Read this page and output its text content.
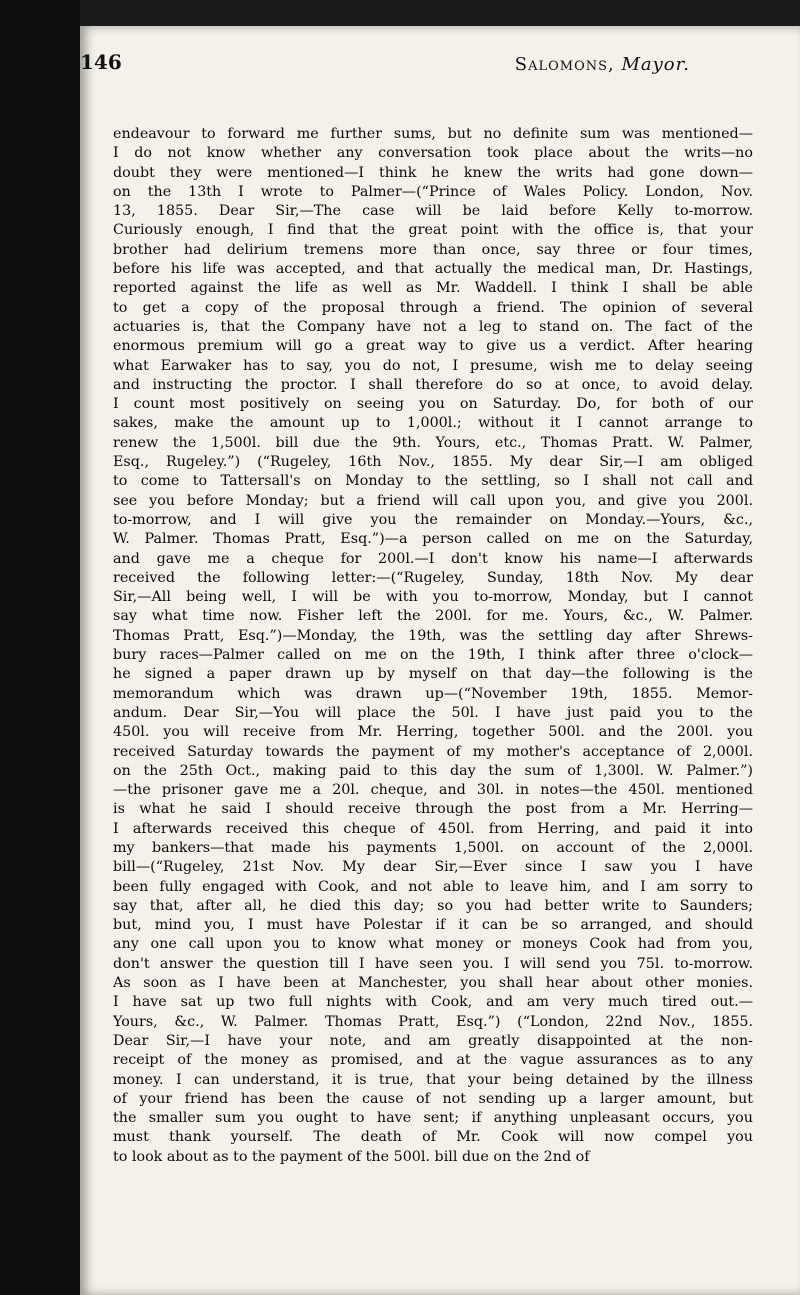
146	Salomons, Mayor.
endeavour to forward me further sums, but no definite sum was mentioned—
I do not know whether any conversation took place about the writs—no
doubt they were mentioned—I think he knew the writs had gone down—
on the 13th I wrote to Palmer—(“Prince of Wales Policy. London, Nov.
13, 1855. Dear Sir,—The case will be laid before Kelly to-morrow.
Curiously enough, I find that the great point with the office is, that your
brother had delirium tremens more than once, say three or four times,
before his life was accepted, and that actually the medical man, Dr. Hastings,
reported against the life as well as Mr. Waddell. I think I shall be able
to get a copy of the proposal through a friend. The opinion of several
actuaries is, that the Company have not a leg to stand on. The fact of the
enormous premium will go a great way to give us a verdict. After hearing
what Earwaker has to say, you do not, I presume, wish me to delay seeing
and instructing the proctor. I shall therefore do so at once, to avoid delay.
I count most positively on seeing you on Saturday. Do, for both of our
sakes, make the amount up to 1,000l.; without it I cannot arrange to
renew the 1,500l. bill due the 9th. Yours, etc., Thomas Pratt. W. Palmer,
Esq., Rugeley.”) (“Rugeley, 16th Nov., 1855. My dear Sir,—I am obliged
to come to Tattersall's on Monday to the settling, so I shall not call and
see you before Monday; but a friend will call upon you, and give you 200l.
to-morrow, and I will give you the remainder on Monday.—Yours, &c.,
W. Palmer. Thomas Pratt, Esq.”)—a person called on me on the Saturday,
and gave me a cheque for 200l.—I don't know his name—I afterwards
received the following letter:—(“Rugeley, Sunday, 18th Nov. My dear
Sir,—All being well, I will be with you to-morrow, Monday, but I cannot
say what time now. Fisher left the 200l. for me. Yours, &c., W. Palmer.
Thomas Pratt, Esq.”)—Monday, the 19th, was the settling day after Shrews-
bury races—Palmer called on me on the 19th, I think after three o'clock—
he signed a paper drawn up by myself on that day—the following is the
memorandum which was drawn up—(“November 19th, 1855. Memor-
andum. Dear Sir,—You will place the 50l. I have just paid you to the
450l. you will receive from Mr. Herring, together 500l. and the 200l. you
received Saturday towards the payment of my mother's acceptance of 2,000l.
on the 25th Oct., making paid to this day the sum of 1,300l. W. Palmer.”)
—the prisoner gave me a 20l. cheque, and 30l. in notes—the 450l. mentioned
is what he said I should receive through the post from a Mr. Herring—
I afterwards received this cheque of 450l. from Herring, and paid it into
my bankers—that made his payments 1,500l. on account of the 2,000l.
bill—(“Rugeley, 21st Nov. My dear Sir,—Ever since I saw you I have
been fully engaged with Cook, and not able to leave him, and I am sorry to
say that, after all, he died this day; so you had better write to Saunders;
but, mind you, I must have Polestar if it can be so arranged, and should
any one call upon you to know what money or moneys Cook had from you,
don't answer the question till I have seen you. I will send you 75l. to-morrow.
As soon as I have been at Manchester, you shall hear about other monies.
I have sat up two full nights with Cook, and am very much tired out.—
Yours, &c., W. Palmer. Thomas Pratt, Esq.”) (“London, 22nd Nov., 1855.
Dear Sir,—I have your note, and am greatly disappointed at the non-
receipt of the money as promised, and at the vague assurances as to any
money. I can understand, it is true, that your being detained by the illness
of your friend has been the cause of not sending up a larger amount, but
the smaller sum you ought to have sent; if anything unpleasant occurs, you
must thank yourself. The death of Mr. Cook will now compel you
to look about as to the payment of the 500l. bill due on the 2nd of
